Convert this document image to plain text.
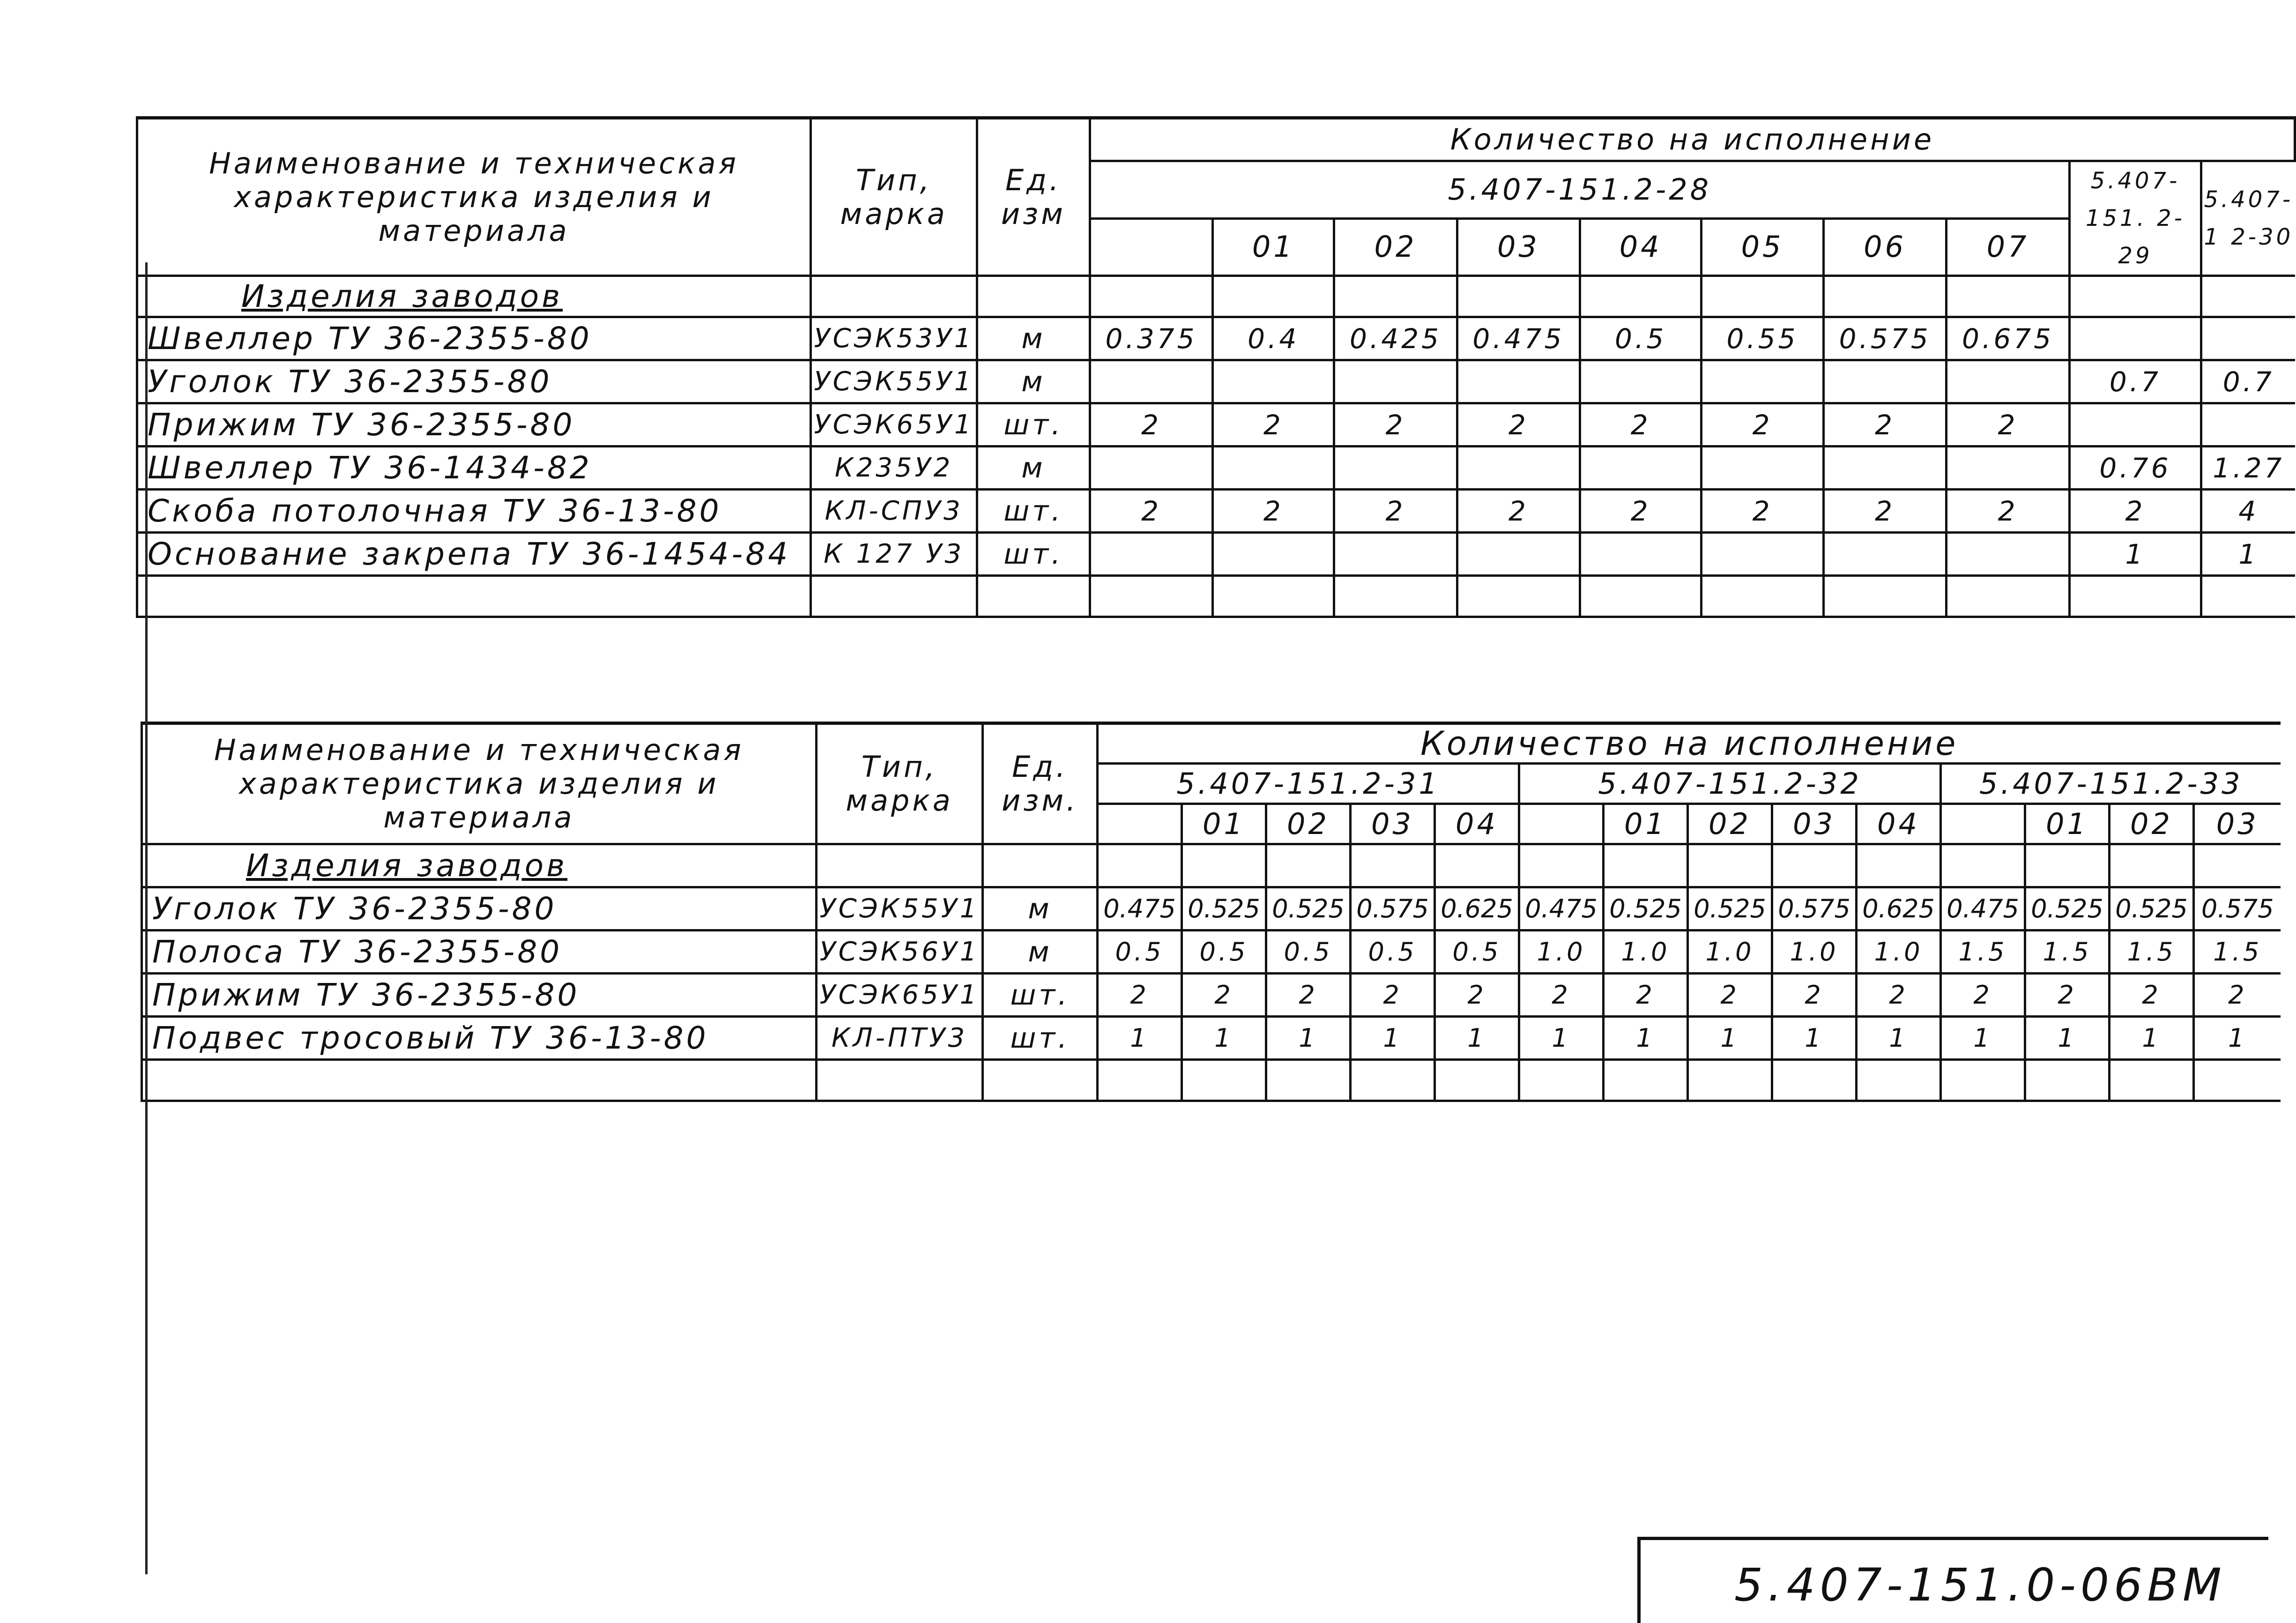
Наименование и техническая характеристика изделия и материала	Тип, марка	Ед. изм	Количество на исполнение									
			5.407-151.2-28								5.407-151. 2-29	5.407-1 2-30
				01	02	03	04	05	06	07		
Изделия заводов												
Швеллер ТУ 36-2355-80	УСЭК53У1	м	0.375	0.4	0.425	0.475	0.5	0.55	0.575	0.675		
Уголок ТУ 36-2355-80	УСЭК55У1	м									0.7	0.7
Прижим ТУ 36-2355-80	УСЭК65У1	шт.	2	2	2	2	2	2	2	2		
Швеллер ТУ 36-1434-82	К235У2	м									0.76	1.27
Скоба потолочная ТУ 36-13-80	КЛ-СПУ3	шт.	2	2	2	2	2	2	2	2	2	4
Основание закрепа ТУ 36-1454-84	К 127 У3	шт.									1	1

Наименование и техническая характеристика изделия и материала	Тип, марка	Ед. изм.	Количество на исполнение													
			5.407-151.2-31					5.407-151.2-32					5.407-151.2-33			
				01	02	03	04		01	02	03	04		01	02	03
Изделия заводов																
Уголок ТУ 36-2355-80	УСЭК55У1	м	0.475	0.525	0.525	0.575	0.625	0.475	0.525	0.525	0.575	0.625	0.475	0.525	0.525	0.575
Полоса ТУ 36-2355-80	УСЭК56У1	м	0.5	0.5	0.5	0.5	0.5	1.0	1.0	1.0	1.0	1.0	1.5	1.5	1.5	1.5
Прижим ТУ 36-2355-80	УСЭК65У1	шт.	2	2	2	2	2	2	2	2	2	2	2	2	2	2
Подвес тросовый ТУ 36-13-80	КЛ-ПТУ3	шт.	1	1	1	1	1	1	1	1	1	1	1	1	1	1

5.407-151.0-06ВМ
